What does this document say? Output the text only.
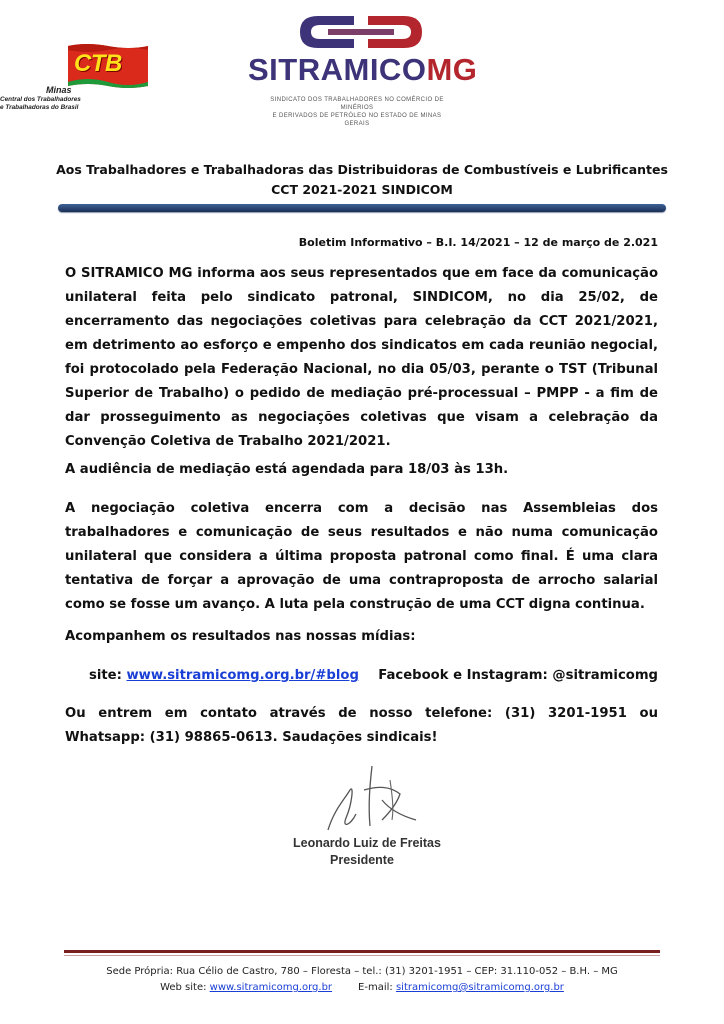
CTB
Minas
Central dos Trabalhadores
e Trabalhadoras do Brasil
SITRAMICOMG
SINDICATO DOS TRABALHADORES NO COMÉRCIO DE MINÉRIOS
E DERIVADOS DE PETRÓLEO NO ESTADO DE MINAS GERAIS
Aos Trabalhadores e Trabalhadoras das Distribuidoras de Combustíveis e Lubrificantes
CCT 2021-2021 SINDICOM
Boletim Informativo – B.I. 14/2021 – 12 de março de 2.021
O SITRAMICO MG informa aos seus representados que em face da comunicação unilateral feita pelo sindicato patronal, SINDICOM, no dia 25/02, de encerramento das negociações coletivas para celebração da CCT 2021/2021, em detrimento ao esforço e empenho dos sindicatos em cada reunião negocial, foi protocolado pela Federação Nacional, no dia 05/03, perante o TST (Tribunal Superior de Trabalho) o pedido de mediação pré-processual – PMPP - a fim de dar prosseguimento as negociações coletivas que visam a celebração da Convenção Coletiva de Trabalho 2021/2021.
A audiência de mediação está agendada para 18/03 às 13h.
A negociação coletiva encerra com a decisão nas Assembleias dos trabalhadores e comunicação de seus resultados e não numa comunicação unilateral que considera a última proposta patronal como final. É uma clara tentativa de forçar a aprovação de uma contraproposta de arrocho salarial como se fosse um avanço. A luta pela construção de uma CCT digna continua.
Acompanhem os resultados nas nossas mídias:
site: www.sitramicomg.org.br/#blog Facebook e Instagram: @sitramicomg
Ou entrem em contato através de nosso telefone: (31) 3201-1951 ou Whatsapp: (31) 98865-0613. Saudações sindicais!
Leonardo Luiz de Freitas
Presidente
Sede Própria: Rua Célio de Castro, 780 – Floresta – tel.: (31) 3201-1951 – CEP: 31.110-052 – B.H. – MG
Web site: www.sitramicomg.org.br	E-mail: sitramicomg@sitramicomg.org.br
